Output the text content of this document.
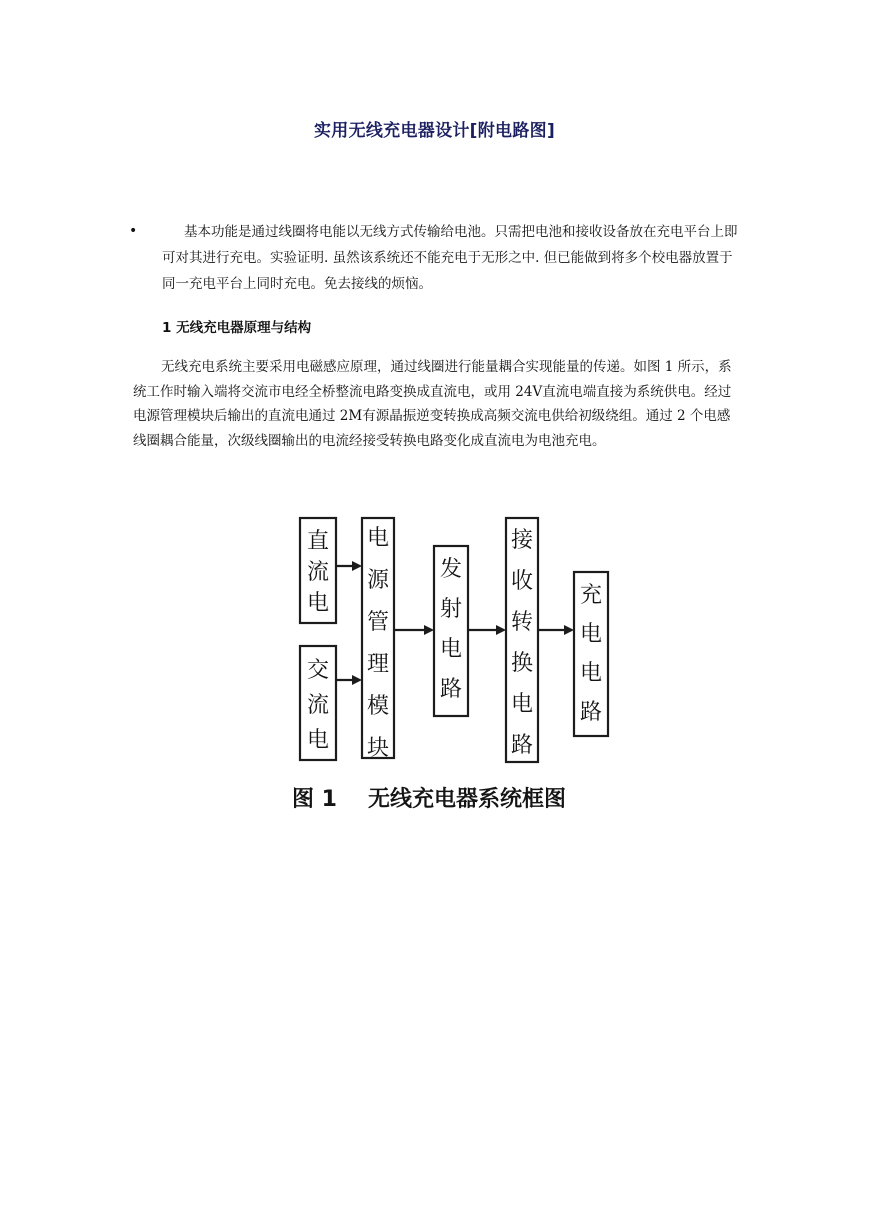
实用无线充电器设计[附电路图]
•	基本功能是通过线圈将电能以无线方式传输给电池。只需把电池和接收设备放在充电平台上即可对其进行充电。实验证明. 虽然该系统还不能充电于无形之中. 但已能做到将多个校电器放置于同一充电平台上同时充电。免去接线的烦恼。
1 无线充电器原理与结构
无线充电系统主要采用电磁感应原理，通过线圈进行能量耦合实现能量的传递。如图 1 所示，系统工作时输入端将交流市电经全桥整流电路变换成直流电，或用 24V直流电端直接为系统供电。经过电源管理模块后输出的直流电通过 2M有源晶振逆变转换成高频交流电供给初级绕组。通过 2 个电感线圈耦合能量，次级线圈输出的电流经接受转换电路变化成直流电为电池充电。
直流电
交流电
电源管理模块
发射电路
接收转换电路
充电电路
图 1 无线充电器系统框图
